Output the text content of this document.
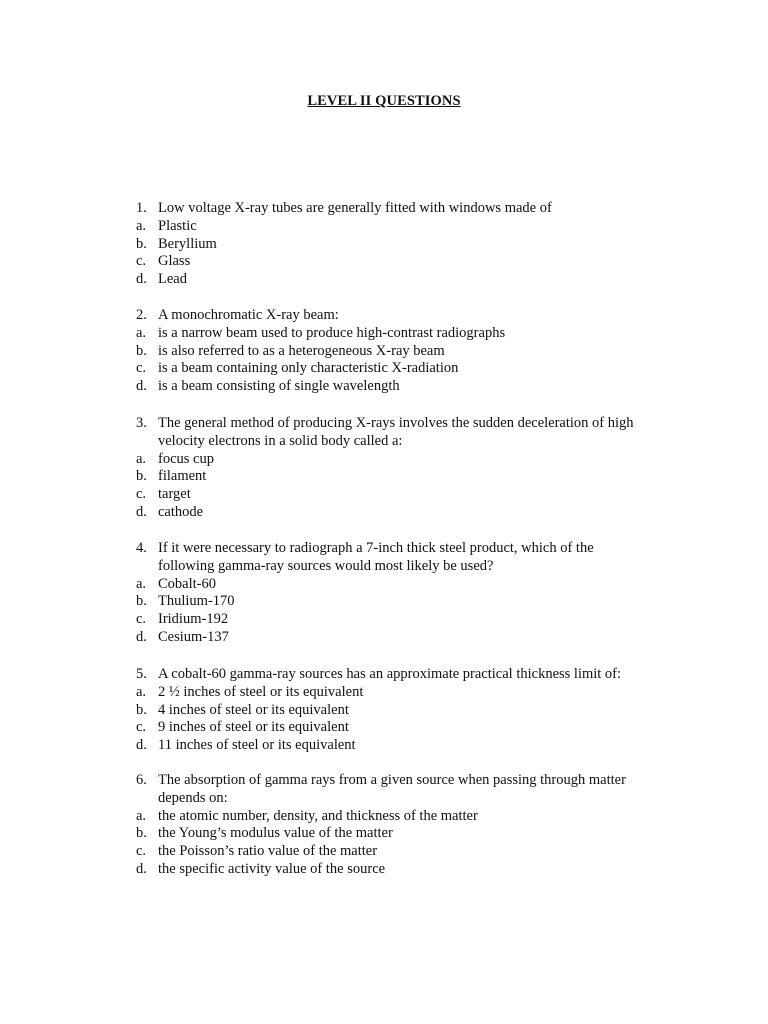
LEVEL II QUESTIONS
1. Low voltage X-ray tubes are generally fitted with windows made of
a. Plastic
b. Beryllium
c. Glass
d. Lead
2. A monochromatic X-ray beam:
a. is a narrow beam used to produce high-contrast radiographs
b. is also referred to as a heterogeneous X-ray beam
c. is a beam containing only characteristic X-radiation
d. is a beam consisting of single wavelength
3. The general method of producing X-rays involves the sudden deceleration of high
velocity electrons in a solid body called a:
a. focus cup
b. filament
c. target
d. cathode
4. If it were necessary to radiograph a 7-inch thick steel product, which of the
following gamma-ray sources would most likely be used?
a. Cobalt-60
b. Thulium-170
c. Iridium-192
d. Cesium-137
5. A cobalt-60 gamma-ray sources has an approximate practical thickness limit of:
a. 2 ½ inches of steel or its equivalent
b. 4 inches of steel or its equivalent
c. 9 inches of steel or its equivalent
d. 11 inches of steel or its equivalent
6. The absorption of gamma rays from a given source when passing through matter
depends on:
a. the atomic number, density, and thickness of the matter
b. the Young’s modulus value of the matter
c. the Poisson’s ratio value of the matter
d. the specific activity value of the source
